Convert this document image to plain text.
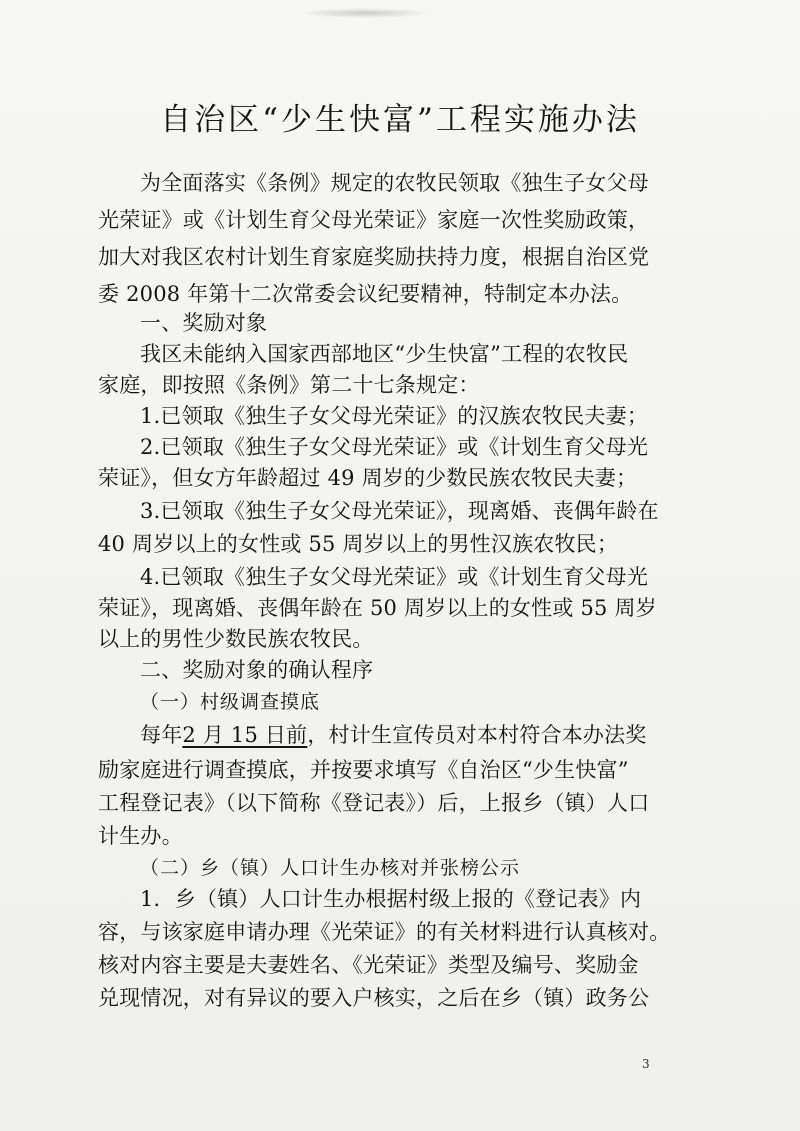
自治区“少生快富”工程实施办法
为全面落实《条例》规定的农牧民领取《独生子女父母
光荣证》或《计划生育父母光荣证》家庭一次性奖励政策，
加大对我区农村计划生育家庭奖励扶持力度，根据自治区党
委 2008 年第十二次常委会议纪要精神，特制定本办法。
一、奖励对象
我区未能纳入国家西部地区“少生快富”工程的农牧民
家庭，即按照《条例》第二十七条规定：
1.已领取《独生子女父母光荣证》的汉族农牧民夫妻；
2.已领取《独生子女父母光荣证》或《计划生育父母光
荣证》，但女方年龄超过 49 周岁的少数民族农牧民夫妻；
3.已领取《独生子女父母光荣证》，现离婚、丧偶年龄在
40 周岁以上的女性或 55 周岁以上的男性汉族农牧民；
4.已领取《独生子女父母光荣证》或《计划生育父母光
荣证》，现离婚、丧偶年龄在 50 周岁以上的女性或 55 周岁
以上的男性少数民族农牧民。
二、奖励对象的确认程序
（一）村级调查摸底
每年2 月 15 日前，村计生宣传员对本村符合本办法奖
励家庭进行调查摸底，并按要求填写《自治区“少生快富”
工程登记表》（以下简称《登记表》）后，上报乡（镇）人口
计生办。
（二）乡（镇）人口计生办核对并张榜公示
1．乡（镇）人口计生办根据村级上报的《登记表》内
容，与该家庭申请办理《光荣证》的有关材料进行认真核对。
核对内容主要是夫妻姓名、《光荣证》类型及编号、奖励金
兑现情况，对有异议的要入户核实，之后在乡（镇）政务公
3
